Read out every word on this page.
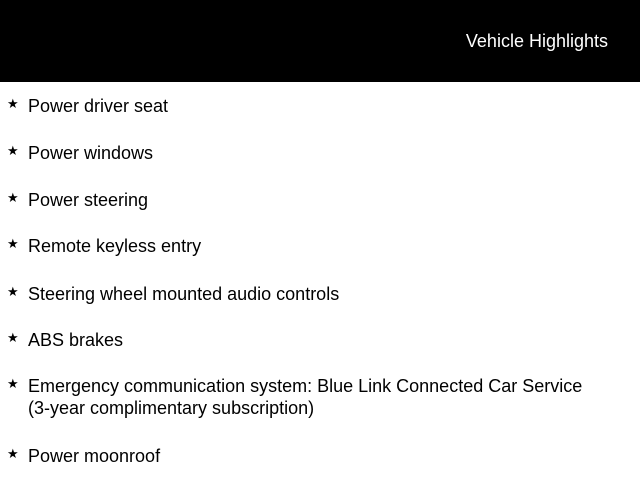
Vehicle Highlights
★ Power driver seat
★ Power windows
★ Power steering
★ Remote keyless entry
★ Steering wheel mounted audio controls
★ ABS brakes
★ Emergency communication system: Blue Link Connected Car Service
(3-year complimentary subscription)
★ Power moonroof
